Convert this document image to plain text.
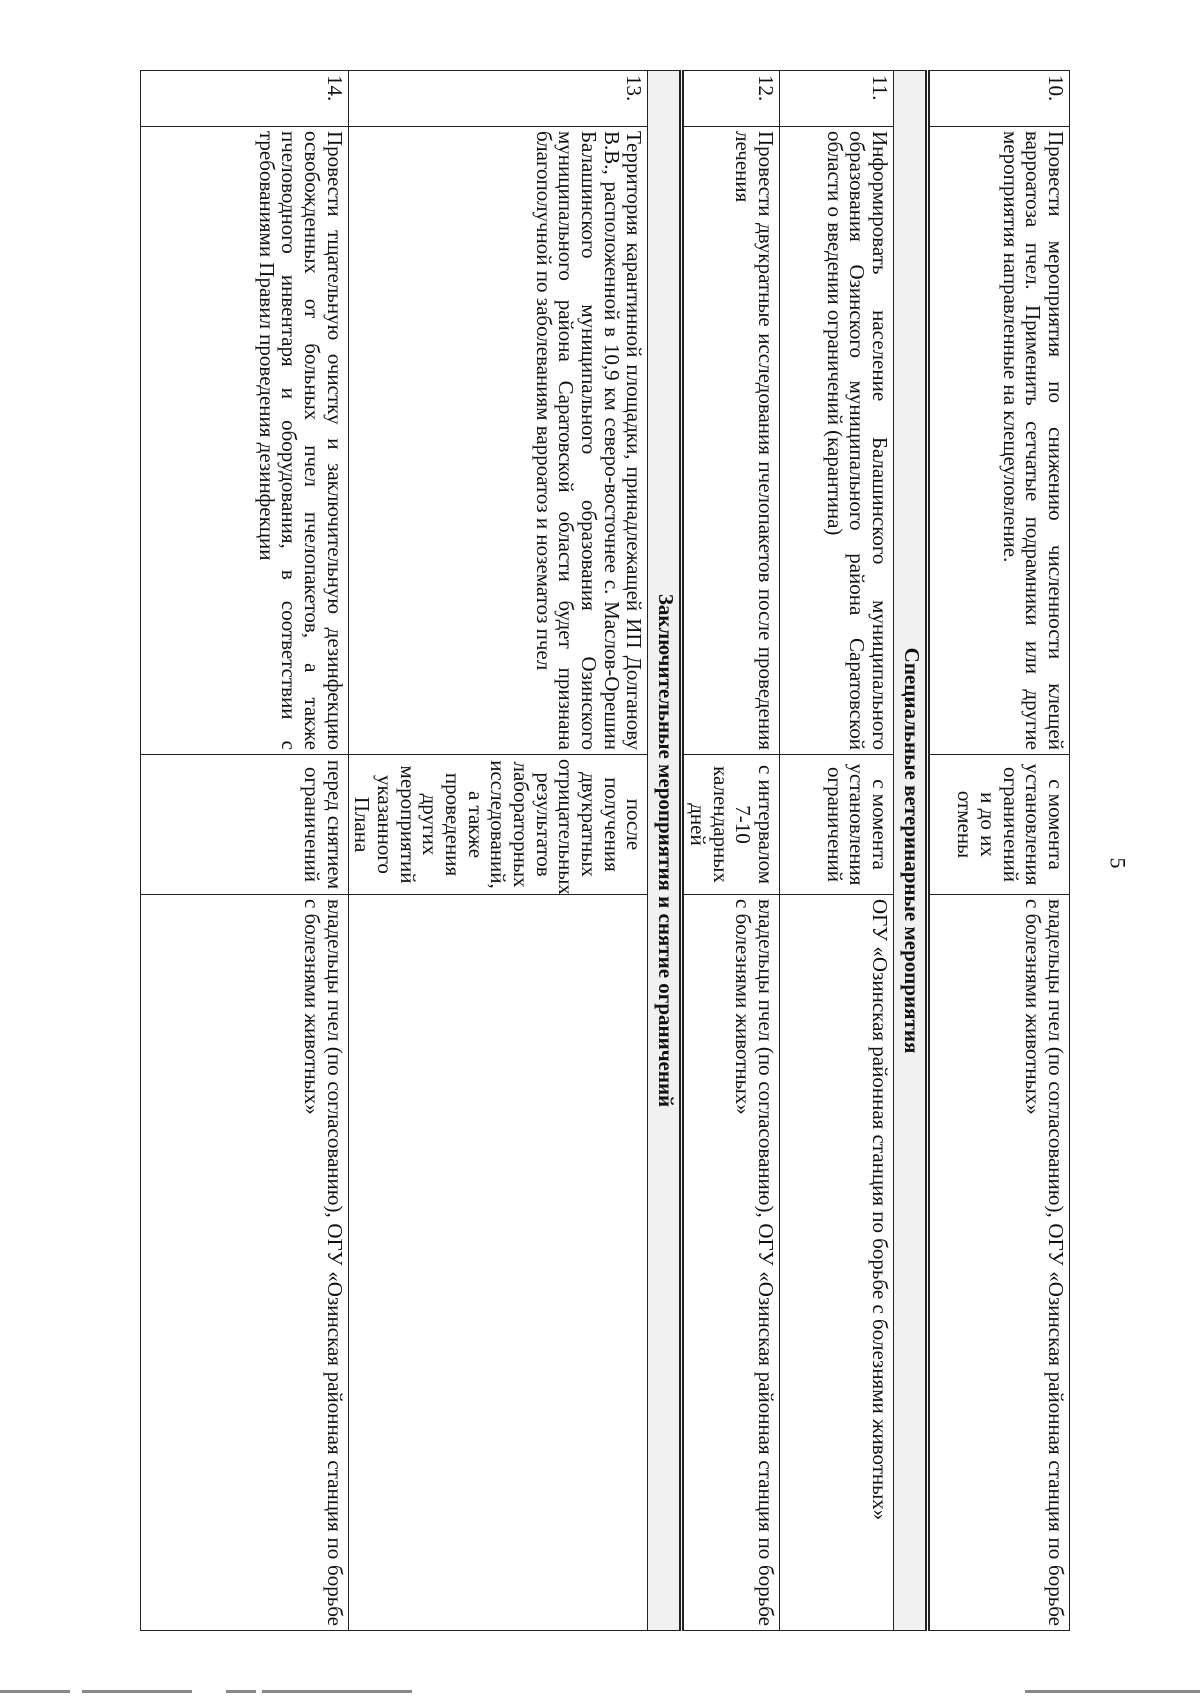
5
10.	Провести мероприятия по снижению численности клещей варроатоза пчел. Применить сетчатые подрамники или другие мероприятия направленные на клещеуловление.	с момента установления ограничений и до их отмены	владельцы пчел (по согласованию), ОГУ «Озинская районная станция по борьбе с болезнями животных»
Специальные ветеринарные мероприятия			
11.	Информировать население Балашинского муниципального образования Озинского муниципального района Саратовской области о введении ограничений (карантина)	с момента установления ограничений	ОГУ «Озинская районная станция по борьбе с болезнями животных»
12.	Провести двукратные исследования пчелопакетов после проведения лечения	с интервалом 7-10 календарных дней	владельцы пчел (по согласованию), ОГУ «Озинская районная станция по борьбе с болезнями животных»
Заключительные мероприятия и снятие ограничений			
13.	Территория карантинной площадки, принадлежащей ИП Долганову В.В., расположенной в 10,9 км северо-восточнее с. Маслов-Орешин Балашинского муниципального образования Озинского муниципального района Саратовской области будет признана благополучной по заболеваниям варроатоз и нозематоз пчел	после получения двукратных отрицательных результатов лабораторных исследований, а также проведения других мероприятий указанного Плана	
14.	Провести тщательную очистку и заключительную дезинфекцию освобожденных от больных пчел пчелопакетов, а также пчеловодного инвентаря и оборудования, в соответствии с требованиями Правил проведения дезинфекции	перед снятием ограничений	владельцы пчел (по согласованию), ОГУ «Озинская районная станция по борьбе с болезнями животных»
